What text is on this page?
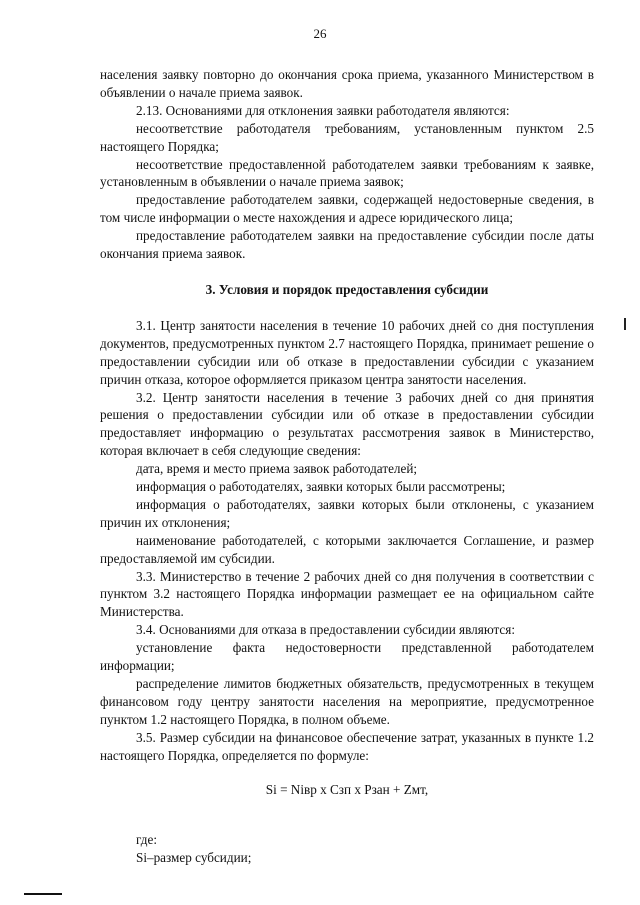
26

населения заявку повторно до окончания срока приема, указанного Министерством в объявлении о начале приема заявок.

2.13. Основаниями для отклонения заявки работодателя являются:

несоответствие работодателя требованиям, установленным пунктом 2.5 настоящего Порядка;

несоответствие предоставленной работодателем заявки требованиям к заявке, установленным в объявлении о начале приема заявок;

предоставление работодателем заявки, содержащей недостоверные сведения, в том числе информации о месте нахождения и адресе юридического лица;

предоставление работодателем заявки на предоставление субсидии после даты окончания приема заявок.

3. Условия и порядок предоставления субсидии

3.1. Центр занятости населения в течение 10 рабочих дней со дня поступления документов, предусмотренных пунктом 2.7 настоящего Порядка, принимает решение о предоставлении субсидии или об отказе в предоставлении субсидии с указанием причин отказа, которое оформляется приказом центра занятости населения.

3.2. Центр занятости населения в течение 3 рабочих дней со дня принятия решения о предоставлении субсидии или об отказе в предоставлении субсидии предоставляет информацию о результатах рассмотрения заявок в Министерство, которая включает в себя следующие сведения:

дата, время и место приема заявок работодателей;

информация о работодателях, заявки которых были рассмотрены;

информация о работодателях, заявки которых были отклонены, с указанием причин их отклонения;

наименование работодателей, с которыми заключается Соглашение, и размер предоставляемой им субсидии.

3.3. Министерство в течение 2 рабочих дней со дня получения в соответствии с пунктом 3.2 настоящего Порядка информации размещает ее на официальном сайте Министерства.

3.4. Основаниями для отказа в предоставлении субсидии являются:

установление факта недостоверности представленной работодателем информации;

распределение лимитов бюджетных обязательств, предусмотренных в текущем финансовом году центру занятости населения на мероприятие, предусмотренное пунктом 1.2 настоящего Порядка, в полном объеме.

3.5. Размер субсидии на финансовое обеспечение затрат, указанных в пункте 1.2 настоящего Порядка, определяется по формуле:

Si = Niвр x Сзп x Рзан + Zмт,

где:

Si–размер субсидии;
